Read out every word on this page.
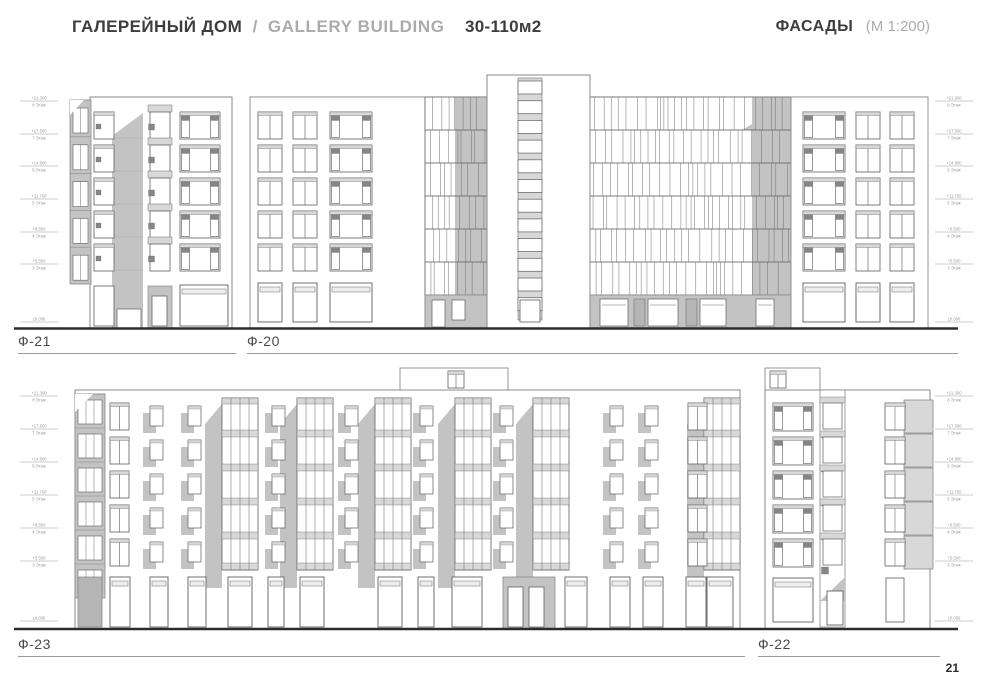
ГАЛЕРЕЙНЫЙ ДОМ / GALLERY BUILDING 30-110м2	ФАСАДЫ (М 1:200)
+21.300
8 Этаж
+17.500
7 Этаж
+14.800
6 Этаж
+11.750
5 Этаж
+8.500
4 Этаж
+5.500
3 Этаж
±0.000
+21.300
8 Этаж
+17.500
7 Этаж
+14.800
6 Этаж
+11.750
5 Этаж
+8.500
4 Этаж
+5.500
3 Этаж
±0.000
+21.300
8 Этаж
+17.500
7 Этаж
+14.800
6 Этаж
+11.750
5 Этаж
+8.500
4 Этаж
+5.500
3 Этаж
±0.000
+21.300
8 Этаж
+17.500
7 Этаж
+14.800
6 Этаж
+11.750
5 Этаж
+8.500
4 Этаж
+5.500
3 Этаж
±0.000
Ф-21	Ф-20
Ф-23	Ф-22
21
